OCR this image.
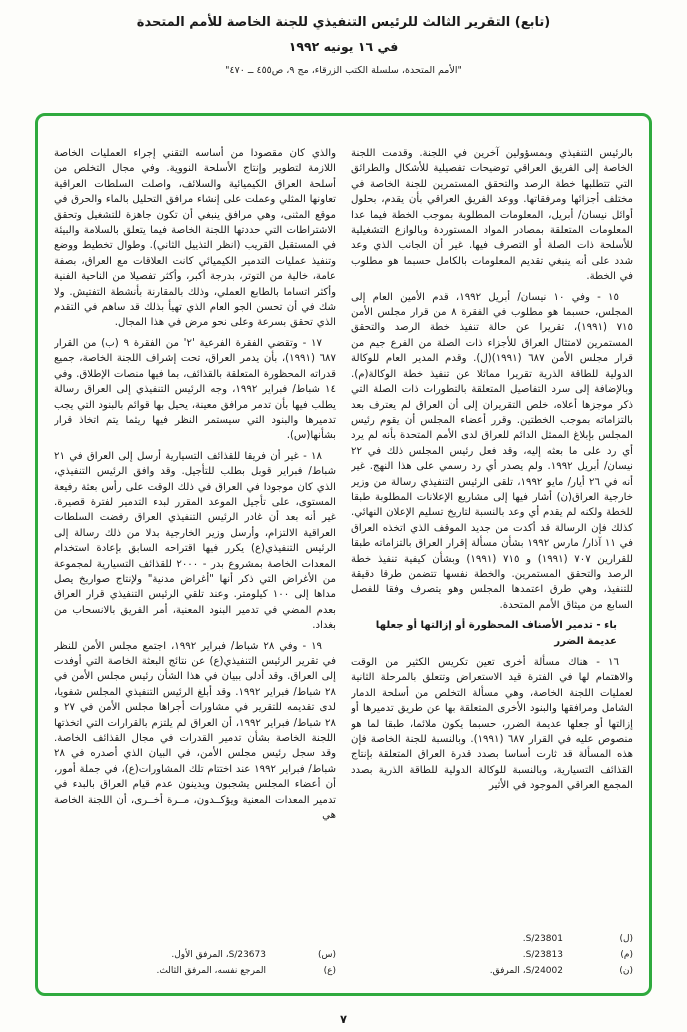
(تابع) التقرير الثالث للرئيس التنفيذي للجنة الخاصة للأمم المتحدة
في ١٦ يونيه ١٩٩٢
"الأمم المتحدة، سلسلة الكتب الزرقاء، مج ٩، ص٤٥٥ ــ ٤٧٠"

بالرئيس التنفيذي وبمسؤولين آخرين في اللجنة. وقدمت اللجنة الخاصة إلى الفريق العراقي توضيحات تفصيلية للأشكال والطرائق التي تتطلبها خطة الرصد والتحقق المستمرين للجنة الخاصة في مختلف أجزائها ومرفقاتها. ووعد الفريق العراقي بأن يقدم، بحلول أوائل نيسان/ أبريل، المعلومات المطلوبة بموجب الخطة فيما عدا المعلومات المتعلقة بمصادر المواد المستوردة وبالوازع التشغيلية للأسلحة ذات الصلة أو التصرف فيها. غير أن الجانب الذي وعد شدد على أنه ينبغي تقديم المعلومات بالكامل حسبما هو مطلوب في الخطة.

١٥ - وفي ١٠ نيسان/ أبريل ١٩٩٢، قدم الأمين العام إلى المجلس، حسبما هو مطلوب في الفقرة ٨ من قرار مجلس الأمن ٧١٥ (١٩٩١)، تقريرا عن حالة تنفيذ خطة الرصد والتحقق المستمرين لامتثال العراق للأجزاء ذات الصلة من الفرع جيم من قرار مجلس الأمن ٦٨٧ (١٩٩١)(ل). وقدم المدير العام للوكالة الدولية للطاقة الذرية تقريرا مماثلا عن تنفيذ خطة الوكالة(م). وبالإضافة إلى سرد التفاصيل المتعلقة بالتطورات ذات الصلة التي ذكر موجزها أعلاه، خلص التقريران إلى أن العراق لم يعترف بعد بالتزاماته بموجب الخطتين. وقرر أعضاء المجلس أن يقوم رئيس المجلس بإبلاغ الممثل الدائم للعراق لدى الأمم المتحدة بأنه لم يرد أي رد على ما بعثه إليه، وقد فعل رئيس المجلس ذلك في ٢٢ نيسان/ أبريل ١٩٩٢. ولم يصدر أي رد رسمي على هذا النهج. غير أنه في ٢٦ أيار/ مايو ١٩٩٢، تلقى الرئيس التنفيذي رسالة من وزير خارجية العراق(ن) أشار فيها إلى مشاريع الإعلانات المطلوبة طبقا للخطة ولكنه لم يقدم أي وعد بالنسبة لتاريخ تسليم الإعلان النهائي. كذلك فإن الرسالة قد أكدت من جديد الموقف الذي اتخذه العراق في ١١ آذار/ مارس ١٩٩٢ بشأن مسألة إقرار العراق بالتزاماته طبقا للقرارين ٧٠٧ (١٩٩١) و ٧١٥ (١٩٩١) وبشأن كيفية تنفيذ خطة الرصد والتحقق المستمرين. والخطة نفسها تتضمن طرقا دقيقة للتنفيذ، وهي طرق اعتمدها المجلس وهو يتصرف وفقا للفصل السابع من ميثاق الأمم المتحدة.

باء - تدمير الأصناف المحظورة أو إزالتها أو جعلها عديمة الضرر

١٦ - هناك مسألة أخرى تعين تكريس الكثير من الوقت والاهتمام لها في الفترة قيد الاستعراض وتتعلق بالمرحلة الثانية لعمليات اللجنة الخاصة، وهي مسألة التخلص من أسلحة الدمار الشامل ومرافقها والبنود الأخرى المتعلقة بها عن طريق تدميرها أو إزالتها أو جعلها عديمة الضرر، حسبما يكون ملائما، طبقا لما هو منصوص عليه في القرار ٦٨٧ (١٩٩١). وبالنسبة للجنة الخاصة فإن هذه المسألة قد ثارت أساسا بصدد قدرة العراق المتعلقة بإنتاج القذائف التسيارية، وبالنسبة للوكالة الدولية للطاقة الذرية بصدد المجمع العراقي الموجود في الأثير

(ل)
S/23801.
(م)
S/23813.
(ن)
S/24002، المرفق.

والذي كان مقصودا من أساسه التقني إجراء العمليات الخاصة اللازمة لتطوير وإنتاج الأسلحة النووية. وفي مجال التخلص من أسلحة العراق الكيميائية والسلائف، واصلت السلطات العراقية تعاونها المثلي وعملت على إنشاء مرافق التحليل بالماء والحرق في موقع المثنى، وهي مرافق ينبغي أن تكون جاهزة للتشغيل وتحقق الاشتراطات التي حددتها اللجنة الخاصة فيما يتعلق بالسلامة والبيئة في المستقبل القريب (انظر التذييل الثاني). وطوال تخطيط ووضع وتنفيذ عمليات التدمير الكيميائي كانت العلاقات مع العراق، بصفة عامة، خالية من التوتر، بدرجة أكبر، وأكثر تفصيلا من الناحية الفنية وأكثر اتساما بالطابع العملي، وذلك بالمقارنة بأنشطة التفتيش. ولا شك في أن تحسن الجو العام الذي تهيأ بذلك قد ساهم في التقدم الذي تحقق بسرعة وعلى نحو مرض في هذا المجال.

١٧ - وتقضي الفقرة الفرعية '٢' من الفقرة ٩ (ب) من القرار ٦٨٧ (١٩٩١)، بأن يدمر العراق، تحت إشراف اللجنة الخاصة، جميع قدراته المحظورة المتعلقة بالقذائف، بما فيها منصات الإطلاق. وفي ١٤ شباط/ فبراير ١٩٩٢، وجه الرئيس التنفيذي إلى العراق رسالة يطلب فيها بأن تدمر مرافق معينة، يحيل بها قوائم بالبنود التي يجب تدميرها والبنود التي سيستمر النظر فيها ريثما يتم اتخاذ قرار بشأنها(س).

١٨ - غير أن فريقا للقذائف التسيارية أرسل إلى العراق في ٢١ شباط/ فبراير قوبل بطلب للتأجيل. وقد وافق الرئيس التنفيذي، الذي كان موجودا في العراق في ذلك الوقت على رأس بعثة رفيعة المستوى، على تأجيل الموعد المقرر لبدء التدمير لفترة قصيرة. غير أنه بعد أن غادر الرئيس التنفيذي العراق رفضت السلطات العراقية الالتزام، وأرسل وزير الخارجية بدلا من ذلك رسالة إلى الرئيس التنفيذي(ع) يكرر فيها اقتراحه السابق بإعادة استخدام المعدات الخاصة بمشروع بدر - ٢٠٠٠ للقذائف التسيارية لمجموعة من الأغراض التي ذكر أنها "أغراض مدنية" ولإنتاج صواريخ يصل مداها إلى ١٠٠ كيلومتر. وعند تلقي الرئيس التنفيذي قرار العراق بعدم المضي في تدمير البنود المعنية، أمر الفريق بالانسحاب من بغداد.

١٩ - وفي ٢٨ شباط/ فبراير ١٩٩٢، اجتمع مجلس الأمن للنظر في تقرير الرئيس التنفيذي(ع) عن نتائج البعثة الخاصة التي أوفدت إلى العراق. وقد أدلى ببيان في هذا الشأن رئيس مجلس الأمن في ٢٨ شباط/ فبراير ١٩٩٢. وقد أبلغ الرئيس التنفيذي المجلس شفويا، لدى تقديمه للتقرير في مشاورات أجراها مجلس الأمن في ٢٧ و ٢٨ شباط/ فبراير ١٩٩٢، أن العراق لم يلتزم بالقرارات التي اتخذتها اللجنة الخاصة بشأن تدمير القدرات في مجال القذائف الخاصة. وقد سجل رئيس مجلس الأمن، في البيان الذي أصدره في ٢٨ شباط/ فبراير ١٩٩٢ عند اختتام تلك المشاورات(ع)، في جملة أمور، أن أعضاء المجلس يشجبون ويدينون عدم قيام العراق بالبدء في تدمير المعدات المعنية ويؤكــدون، مــرة أخــرى، أن اللجنة الخاصة هي

(س)
S/23673، المرفق الأول.
(ع)
المرجع نفسه، المرفق الثالث.
٧
